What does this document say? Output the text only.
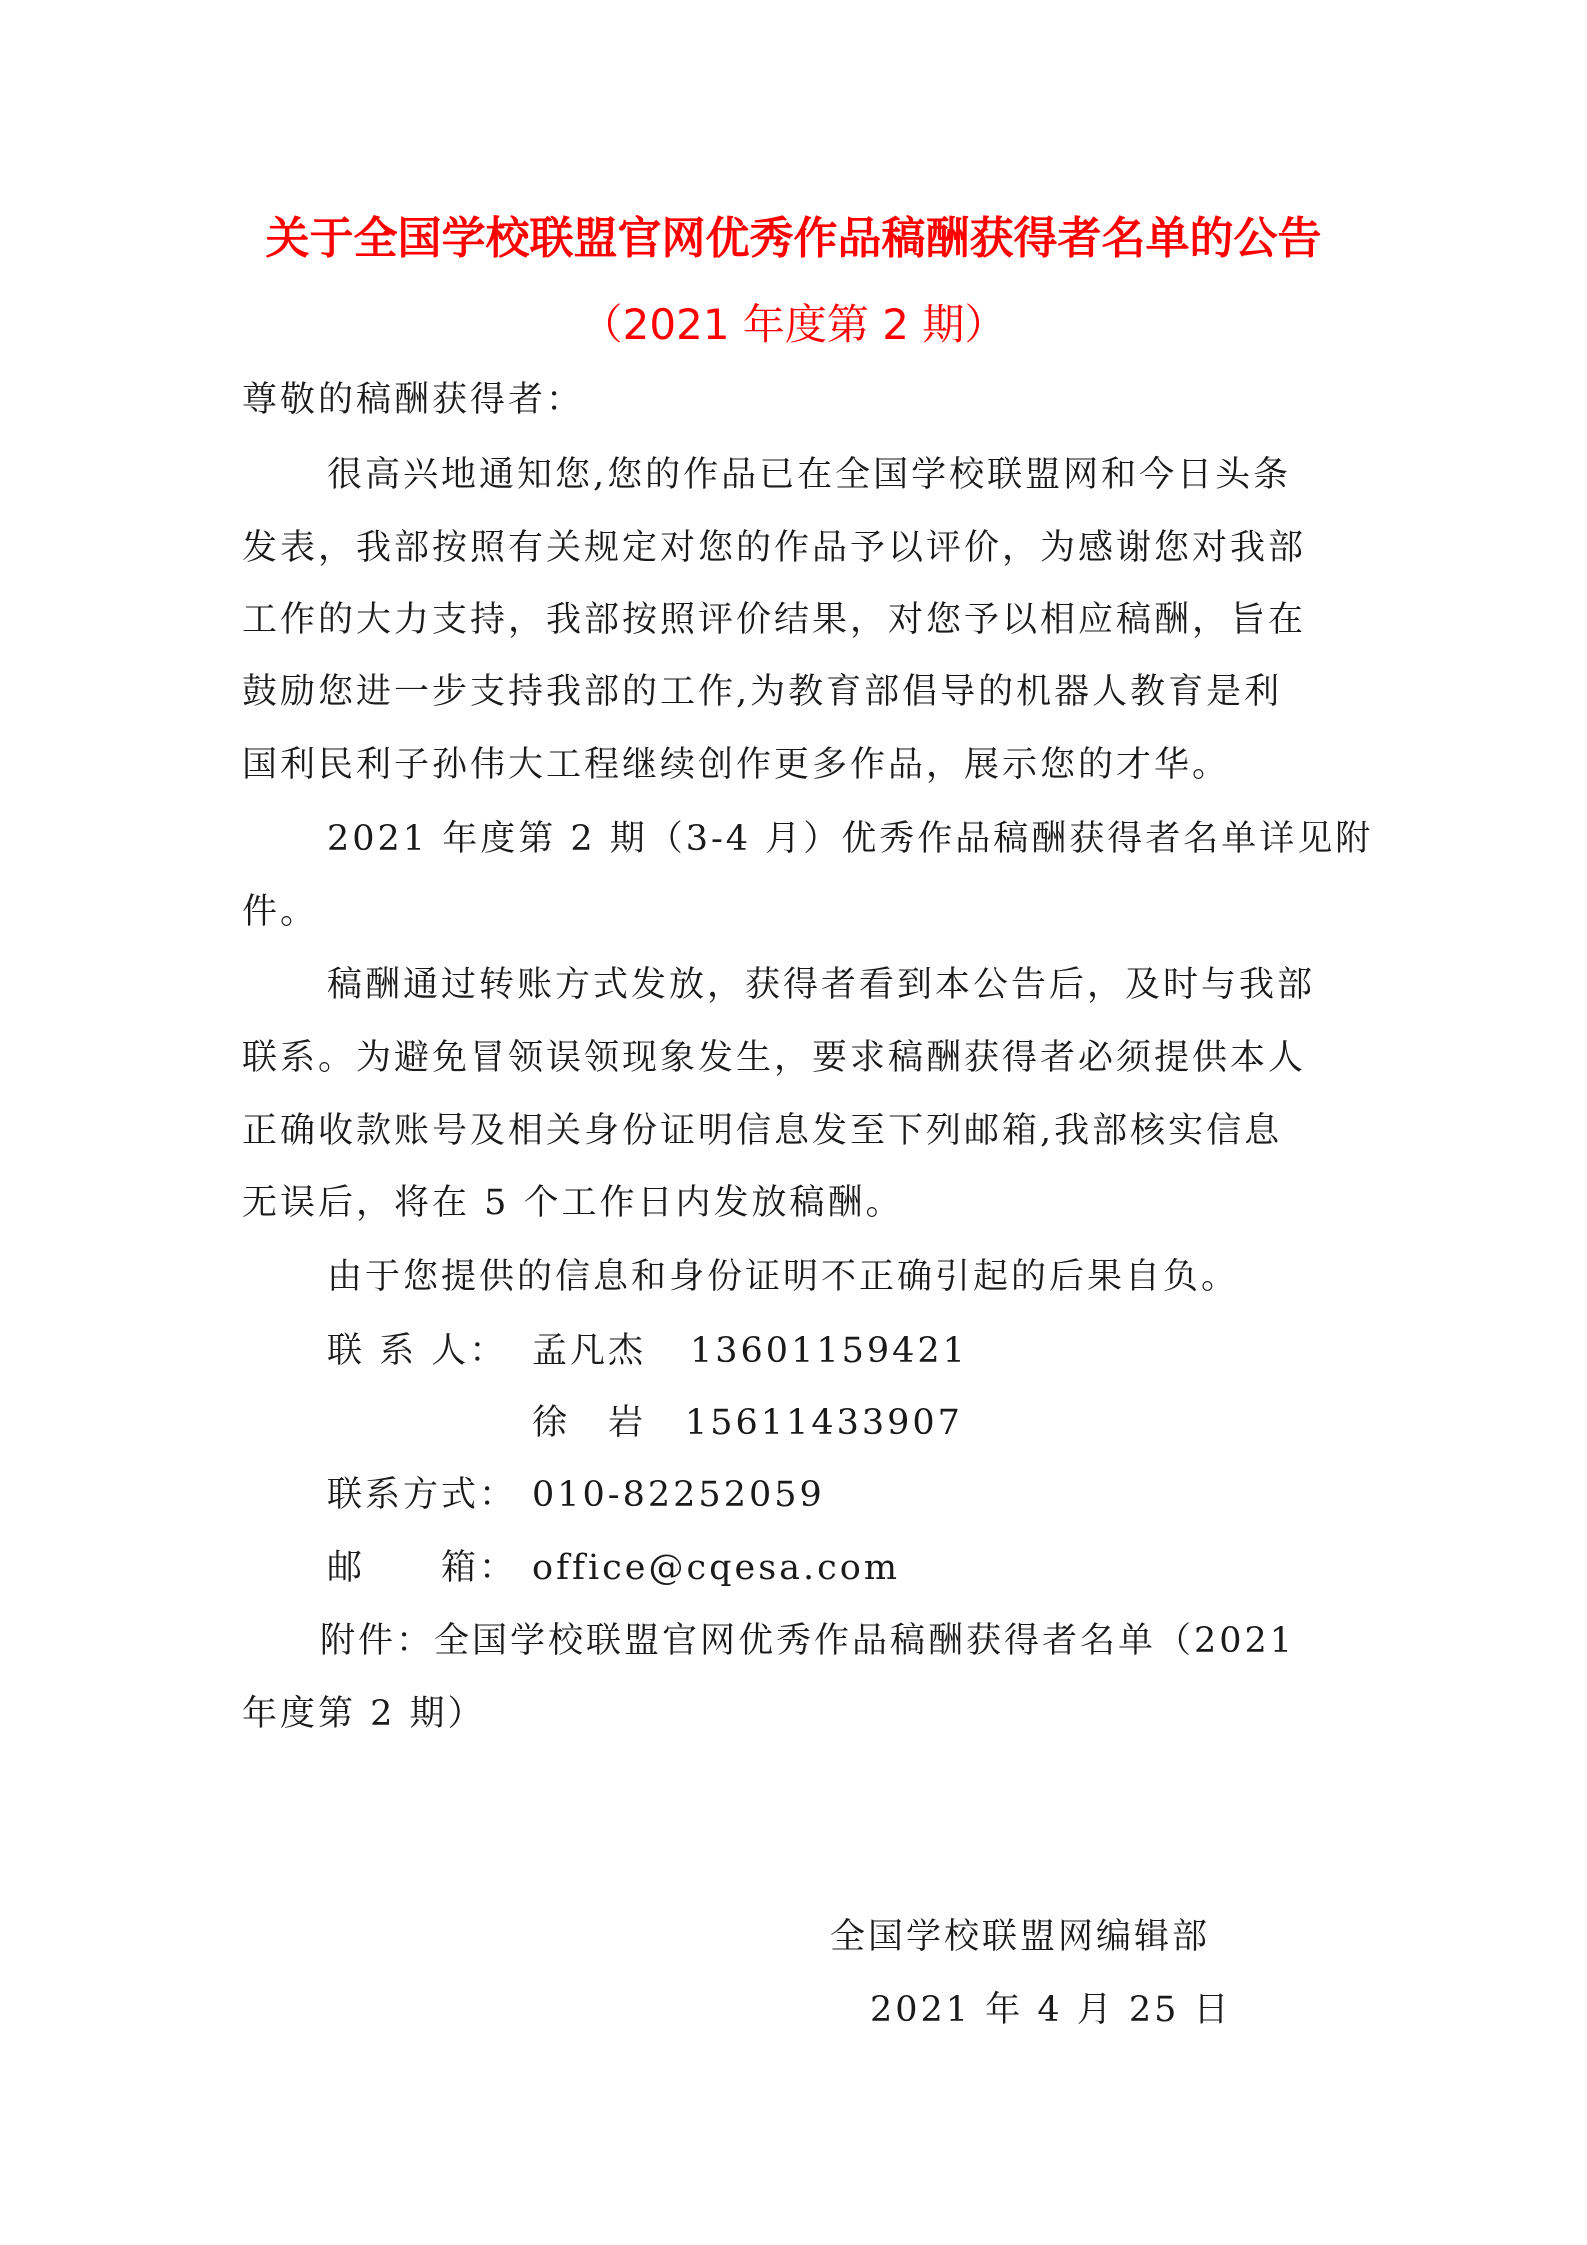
关于全国学校联盟官网优秀作品稿酬获得者名单的公告
（2021 年度第 2 期）
尊敬的稿酬获得者：
很高兴地通知您,您的作品已在全国学校联盟网和今日头条
发表，我部按照有关规定对您的作品予以评价，为感谢您对我部
工作的大力支持，我部按照评价结果，对您予以相应稿酬，旨在
鼓励您进一步支持我部的工作,为教育部倡导的机器人教育是利
国利民利子孙伟大工程继续创作更多作品，展示您的才华。
2021 年度第 2 期（3-4 月）优秀作品稿酬获得者名单详见附
件。
稿酬通过转账方式发放，获得者看到本公告后，及时与我部
联系。为避免冒领误领现象发生，要求稿酬获得者必须提供本人
正确收款账号及相关身份证明信息发至下列邮箱,我部核实信息
无误后，将在 5 个工作日内发放稿酬。
由于您提供的信息和身份证明不正确引起的后果自负。
联 系 人： 孟凡杰 13601159421
徐　岩 15611433907
联系方式： 010-82252059
邮　　箱： office@cqesa.com
附件：全国学校联盟官网优秀作品稿酬获得者名单（2021
年度第 2 期）
全国学校联盟网编辑部
2021 年 4 月 25 日
